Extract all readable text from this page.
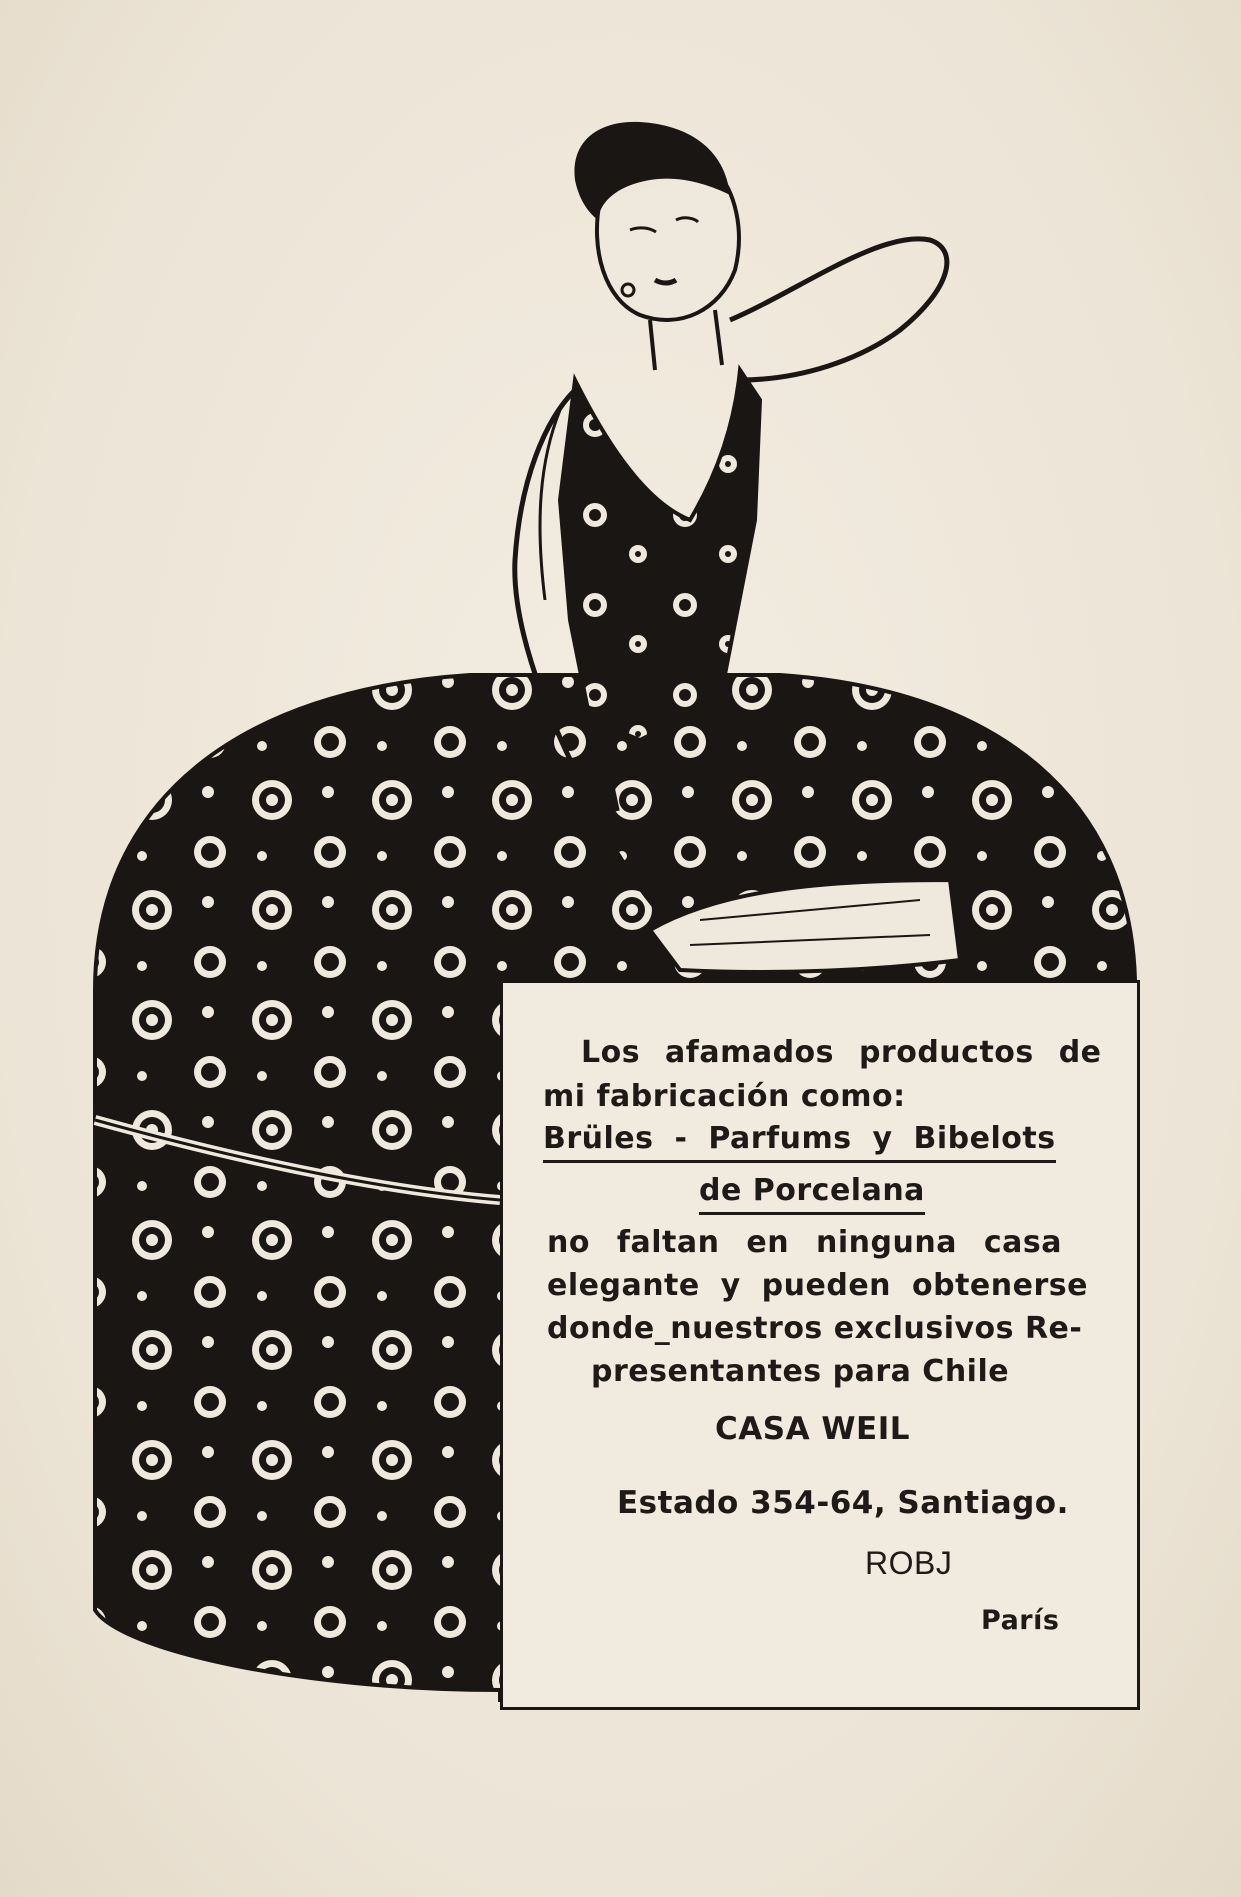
Los afamados productos de
mi fabricación como:
Brüles - Parfums y Bibelots
de Porcelana
no faltan en ninguna casa
elegante y pueden obtenerse
donde_nuestros exclusivos Re-
presentantes para Chile
CASA WEIL
Estado 354-64, Santiago.
ROBJ
París
